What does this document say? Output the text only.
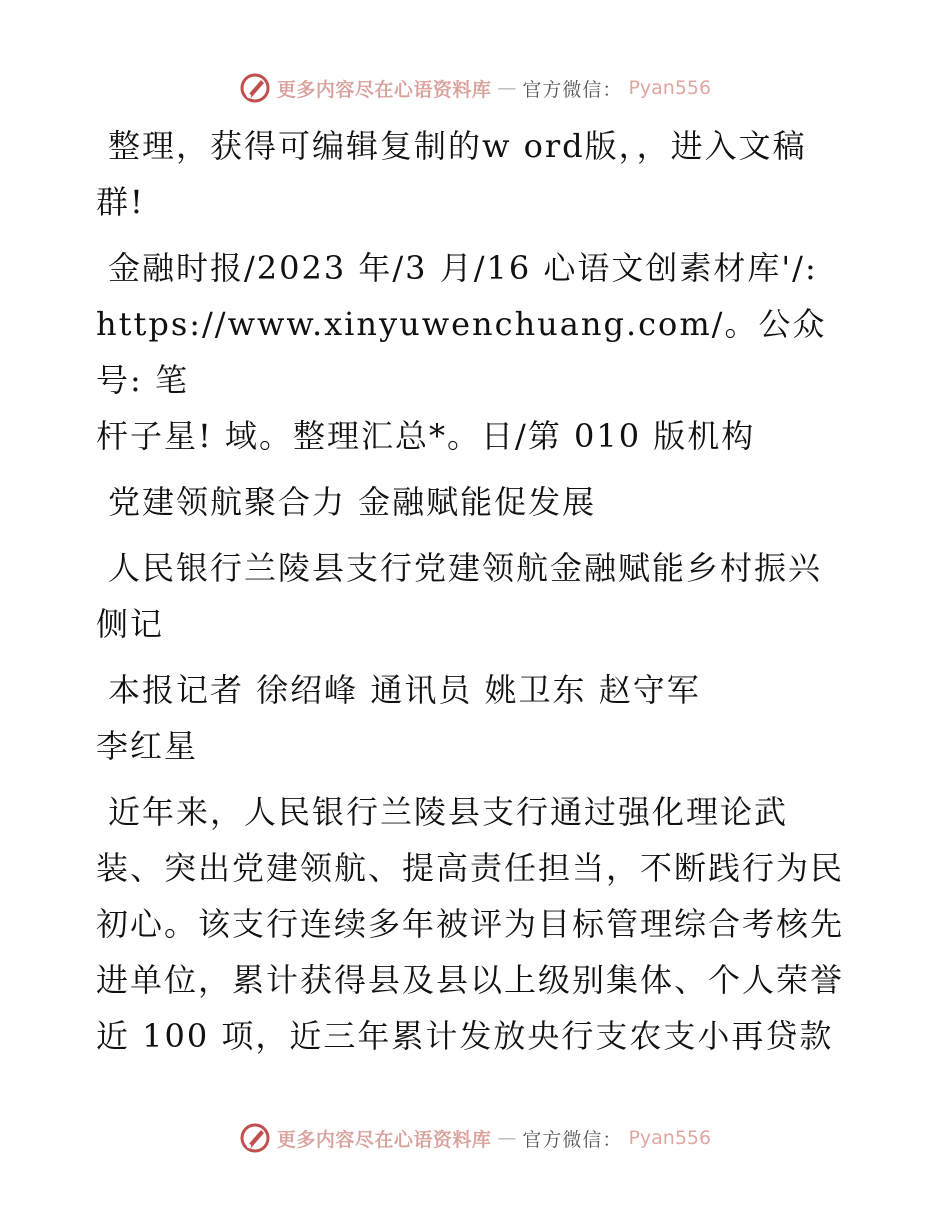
更多内容尽在心语资料库 — 官方微信： Pyan556

整理，获得可编辑复制的w ord版，，进入文稿
群!

金融时报/2023 年/3 月/16 心语文创素材库'/:
https://www.xinyuwenchuang.com/。公众号: 笔
杆子星! 域。整理汇总*。日/第 010 版机构

党建领航聚合力 金融赋能促发展

人民银行兰陵县支行党建领航金融赋能乡村振兴
侧记

本报记者 徐绍峰 通讯员 姚卫东 赵守军
李红星

近年来，人民银行兰陵县支行通过强化理论武
装、突出党建领航、提高责任担当，不断践行为民
初心。该支行连续多年被评为目标管理综合考核先
进单位，累计获得县及县以上级别集体、个人荣誉
近 100 项，近三年累计发放央行支农支小再贷款

更多内容尽在心语资料库 — 官方微信： Pyan556
